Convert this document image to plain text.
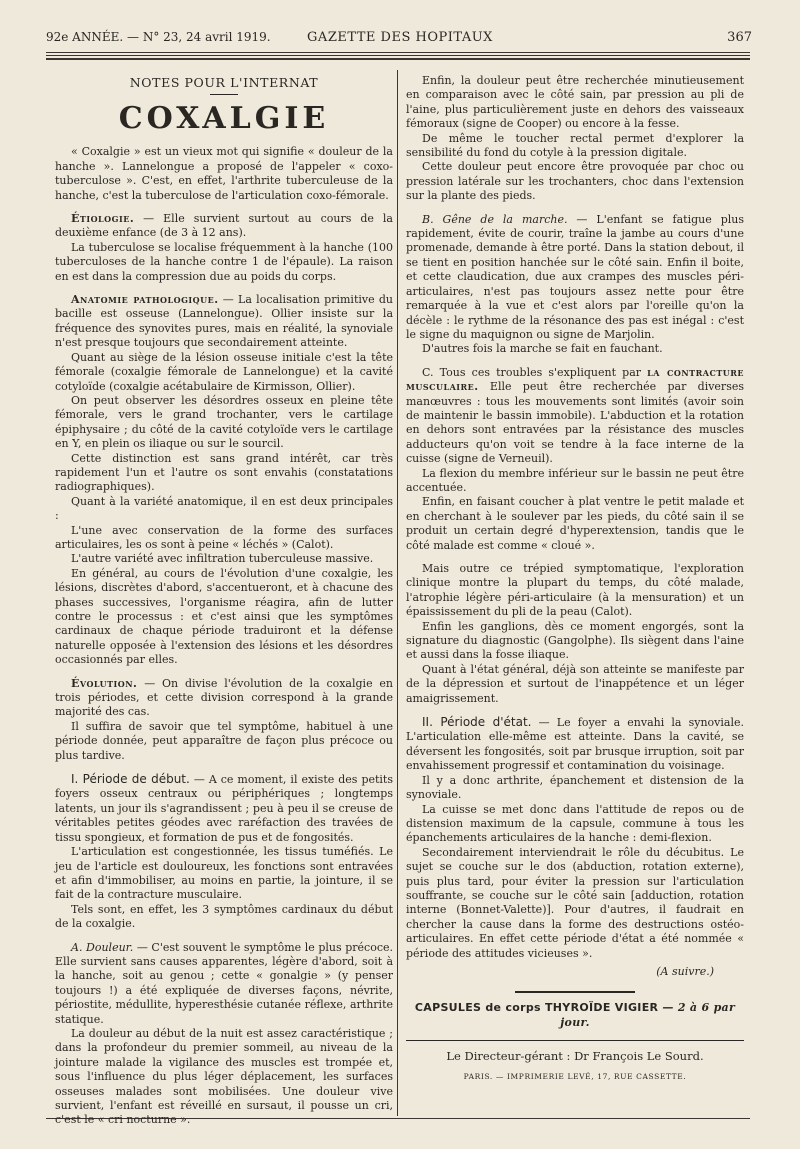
92e ANNÉE. — N° 23, 24 avril 1919.	GAZETTE DES HOPITAUX	367

NOTES POUR L'INTERNAT

COXALGIE

« Coxalgie » est un vieux mot qui signifie « douleur de la hanche ». Lannelongue a proposé de l'appeler « coxo-tuberculose ». C'est, en effet, l'arthrite tuberculeuse de la hanche, c'est la tuberculose de l'articulation coxo-fémorale.

Étiologie. — Elle survient surtout au cours de la deuxième enfance (de 3 à 12 ans).

La tuberculose se localise fréquemment à la hanche (100 tuberculoses de la hanche contre 1 de l'épaule). La raison en est dans la compression due au poids du corps.

Anatomie pathologique. — La localisation primitive du bacille est osseuse (Lannelongue). Ollier insiste sur la fréquence des synovites pures, mais en réalité, la synoviale n'est presque toujours que secondairement atteinte.

Quant au siège de la lésion osseuse initiale c'est la tête fémorale (coxalgie fémorale de Lannelongue) et la cavité cotyloïde (coxalgie acétabulaire de Kirmisson, Ollier).

On peut observer les désordres osseux en pleine tête fémorale, vers le grand trochanter, vers le cartilage épiphysaire ; du côté de la cavité cotyloïde vers le cartilage en Y, en plein os iliaque ou sur le sourcil.

Cette distinction est sans grand intérêt, car très rapidement l'un et l'autre os sont envahis (constatations radiographiques).

Quant à la variété anatomique, il en est deux principales :

L'une avec conservation de la forme des surfaces articulaires, les os sont à peine « léchés » (Calot).

L'autre variété avec infiltration tuberculeuse massive.

En général, au cours de l'évolution d'une coxalgie, les lésions, discrètes d'abord, s'accentueront, et à chacune des phases successives, l'organisme réagira, afin de lutter contre le processus : et c'est ainsi que les symptômes cardinaux de chaque période traduiront et la défense naturelle opposée à l'extension des lésions et les désordres occasionnés par elles.

Évolution. — On divise l'évolution de la coxalgie en trois périodes, et cette division correspond à la grande majorité des cas.

Il suffira de savoir que tel symptôme, habituel à une période donnée, peut apparaître de façon plus précoce ou plus tardive.

I. Période de début. — A ce moment, il existe des petits foyers osseux centraux ou périphériques ; longtemps latents, un jour ils s'agrandissent ; peu à peu il se creuse de véritables petites géodes avec raréfaction des travées de tissu spongieux, et formation de pus et de fongosités.

L'articulation est congestionnée, les tissus tuméfiés. Le jeu de l'article est douloureux, les fonctions sont entravées et afin d'immobiliser, au moins en partie, la jointure, il se fait de la contracture musculaire.

Tels sont, en effet, les 3 symptômes cardinaux du début de la coxalgie.

A. Douleur. — C'est souvent le symptôme le plus précoce. Elle survient sans causes apparentes, légère d'abord, soit à la hanche, soit au genou ; cette « gonalgie » (y penser toujours !) a été expliquée de diverses façons, névrite, périostite, médullite, hyperesthésie cutanée réflexe, arthrite statique.

La douleur au début de la nuit est assez caractéristique ; dans la profondeur du premier sommeil, au niveau de la jointure malade la vigilance des muscles est trompée et, sous l'influence du plus léger déplacement, les surfaces osseuses malades sont mobilisées. Une douleur vive survient, l'enfant est réveillé en sursaut, il pousse un cri, c'est le « cri nocturne ».

Enfin, la douleur peut être recherchée minutieusement en comparaison avec le côté sain, par pression au pli de l'aine, plus particulièrement juste en dehors des vaisseaux fémoraux (signe de Cooper) ou encore à la fesse.

De même le toucher rectal permet d'explorer la sensibilité du fond du cotyle à la pression digitale.

Cette douleur peut encore être provoquée par choc ou pression latérale sur les trochanters, choc dans l'extension sur la plante des pieds.

B. Gêne de la marche. — L'enfant se fatigue plus rapidement, évite de courir, traîne la jambe au cours d'une promenade, demande à être porté. Dans la station debout, il se tient en position hanchée sur le côté sain. Enfin il boite, et cette claudication, due aux crampes des muscles péri-articulaires, n'est pas toujours assez nette pour être remarquée à la vue et c'est alors par l'oreille qu'on la décèle : le rythme de la résonance des pas est inégal : c'est le signe du maquignon ou signe de Marjolin.

D'autres fois la marche se fait en fauchant.

C. Tous ces troubles s'expliquent par la contracture musculaire. Elle peut être recherchée par diverses manœuvres : tous les mouvements sont limités (avoir soin de maintenir le bassin immobile). L'abduction et la rotation en dehors sont entravées par la résistance des muscles adducteurs qu'on voit se tendre à la face interne de la cuisse (signe de Verneuil).

La flexion du membre inférieur sur le bassin ne peut être accentuée.

Enfin, en faisant coucher à plat ventre le petit malade et en cherchant à le soulever par les pieds, du côté sain il se produit un certain degré d'hyperextension, tandis que le côté malade est comme « cloué ».

Mais outre ce trépied symptomatique, l'exploration clinique montre la plupart du temps, du côté malade, l'atrophie légère péri-articulaire (à la mensuration) et un épaississement du pli de la peau (Calot).

Enfin les ganglions, dès ce moment engorgés, sont la signature du diagnostic (Gangolphe). Ils siègent dans l'aine et aussi dans la fosse iliaque.

Quant à l'état général, déjà son atteinte se manifeste par de la dépression et surtout de l'inappétence et un léger amaigrissement.

II. Période d'état. — Le foyer a envahi la synoviale. L'articulation elle-même est atteinte. Dans la cavité, se déversent les fongosités, soit par brusque irruption, soit par envahissement progressif et contamination du voisinage.

Il y a donc arthrite, épanchement et distension de la synoviale.

La cuisse se met donc dans l'attitude de repos ou de distension maximum de la capsule, commune à tous les épanchements articulaires de la hanche : demi-flexion.

Secondairement interviendrait le rôle du décubitus. Le sujet se couche sur le dos (abduction, rotation externe), puis plus tard, pour éviter la pression sur l'articulation souffrante, se couche sur le côté sain [adduction, rotation interne (Bonnet-Valette)]. Pour d'autres, il faudrait en chercher la cause dans la forme des destructions ostéo-articulaires. En effet cette période d'état a été nommée « période des attitudes vicieuses ».

(A suivre.)

CAPSULES de corps THYROÏDE VIGIER — 2 à 6 par jour.

Le Directeur-gérant : Dr François Le Sourd.

PARIS. — IMPRIMERIE LEVÉ, 17, RUE CASSETTE.
